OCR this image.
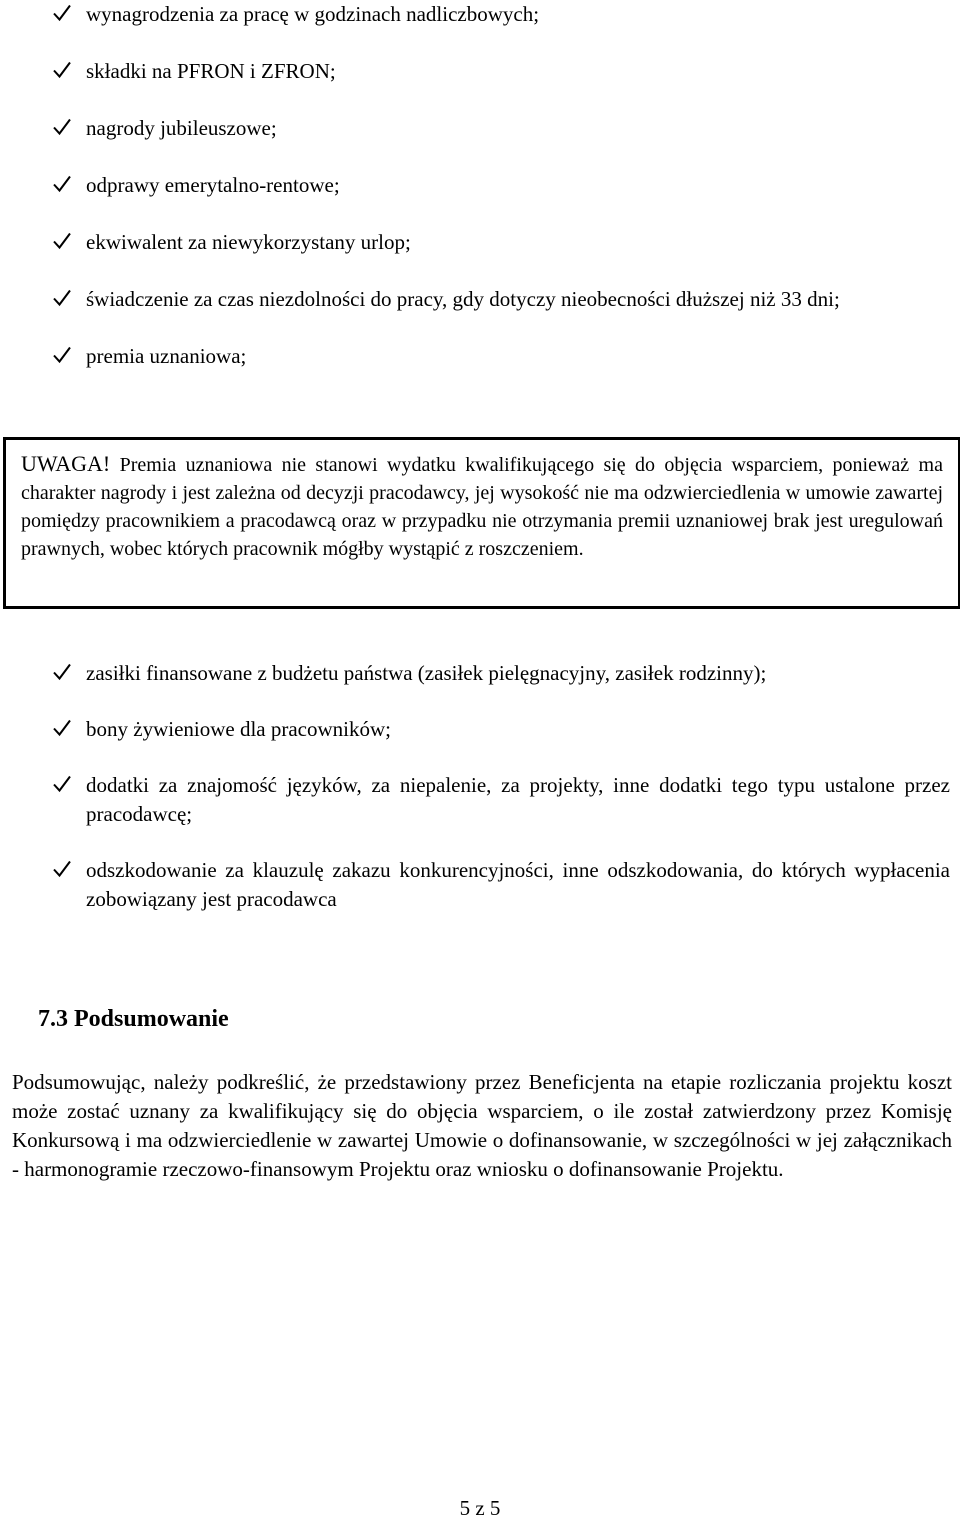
wynagrodzenia za pracę w godzinach nadliczbowych;
składki na PFRON i ZFRON;
nagrody jubileuszowe;
odprawy emerytalno-rentowe;
ekwiwalent za niewykorzystany urlop;
świadczenie za czas niezdolności do pracy, gdy dotyczy nieobecności dłuższej niż 33 dni;
premia uznaniowa;
UWAGA! Premia uznaniowa nie stanowi wydatku kwalifikującego się do objęcia wsparciem, ponieważ ma charakter nagrody i jest zależna od decyzji pracodawcy, jej wysokość nie ma odzwierciedlenia w umowie zawartej pomiędzy pracownikiem a pracodawcą oraz w przypadku nie otrzymania premii uznaniowej brak jest uregulowań prawnych, wobec których pracownik mógłby wystąpić z roszczeniem.
zasiłki finansowane z budżetu państwa (zasiłek pielęgnacyjny, zasiłek rodzinny);
bony żywieniowe dla pracowników;
dodatki za znajomość języków, za niepalenie, za projekty, inne dodatki tego typu ustalone przez pracodawcę;
odszkodowanie za klauzulę zakazu konkurencyjności, inne odszkodowania, do których wypłacenia zobowiązany jest pracodawca
7.3 Podsumowanie

Podsumowując, należy podkreślić, że przedstawiony przez Beneficjenta na etapie rozliczania projektu koszt może zostać uznany za kwalifikujący się do objęcia wsparciem, o ile został zatwierdzony przez Komisję Konkursową i ma odzwierciedlenie w zawartej Umowie o dofinansowanie, w szczególności w jej załącznikach - harmonogramie rzeczowo-finansowym Projektu oraz wniosku o dofinansowanie Projektu.

5 z 5
